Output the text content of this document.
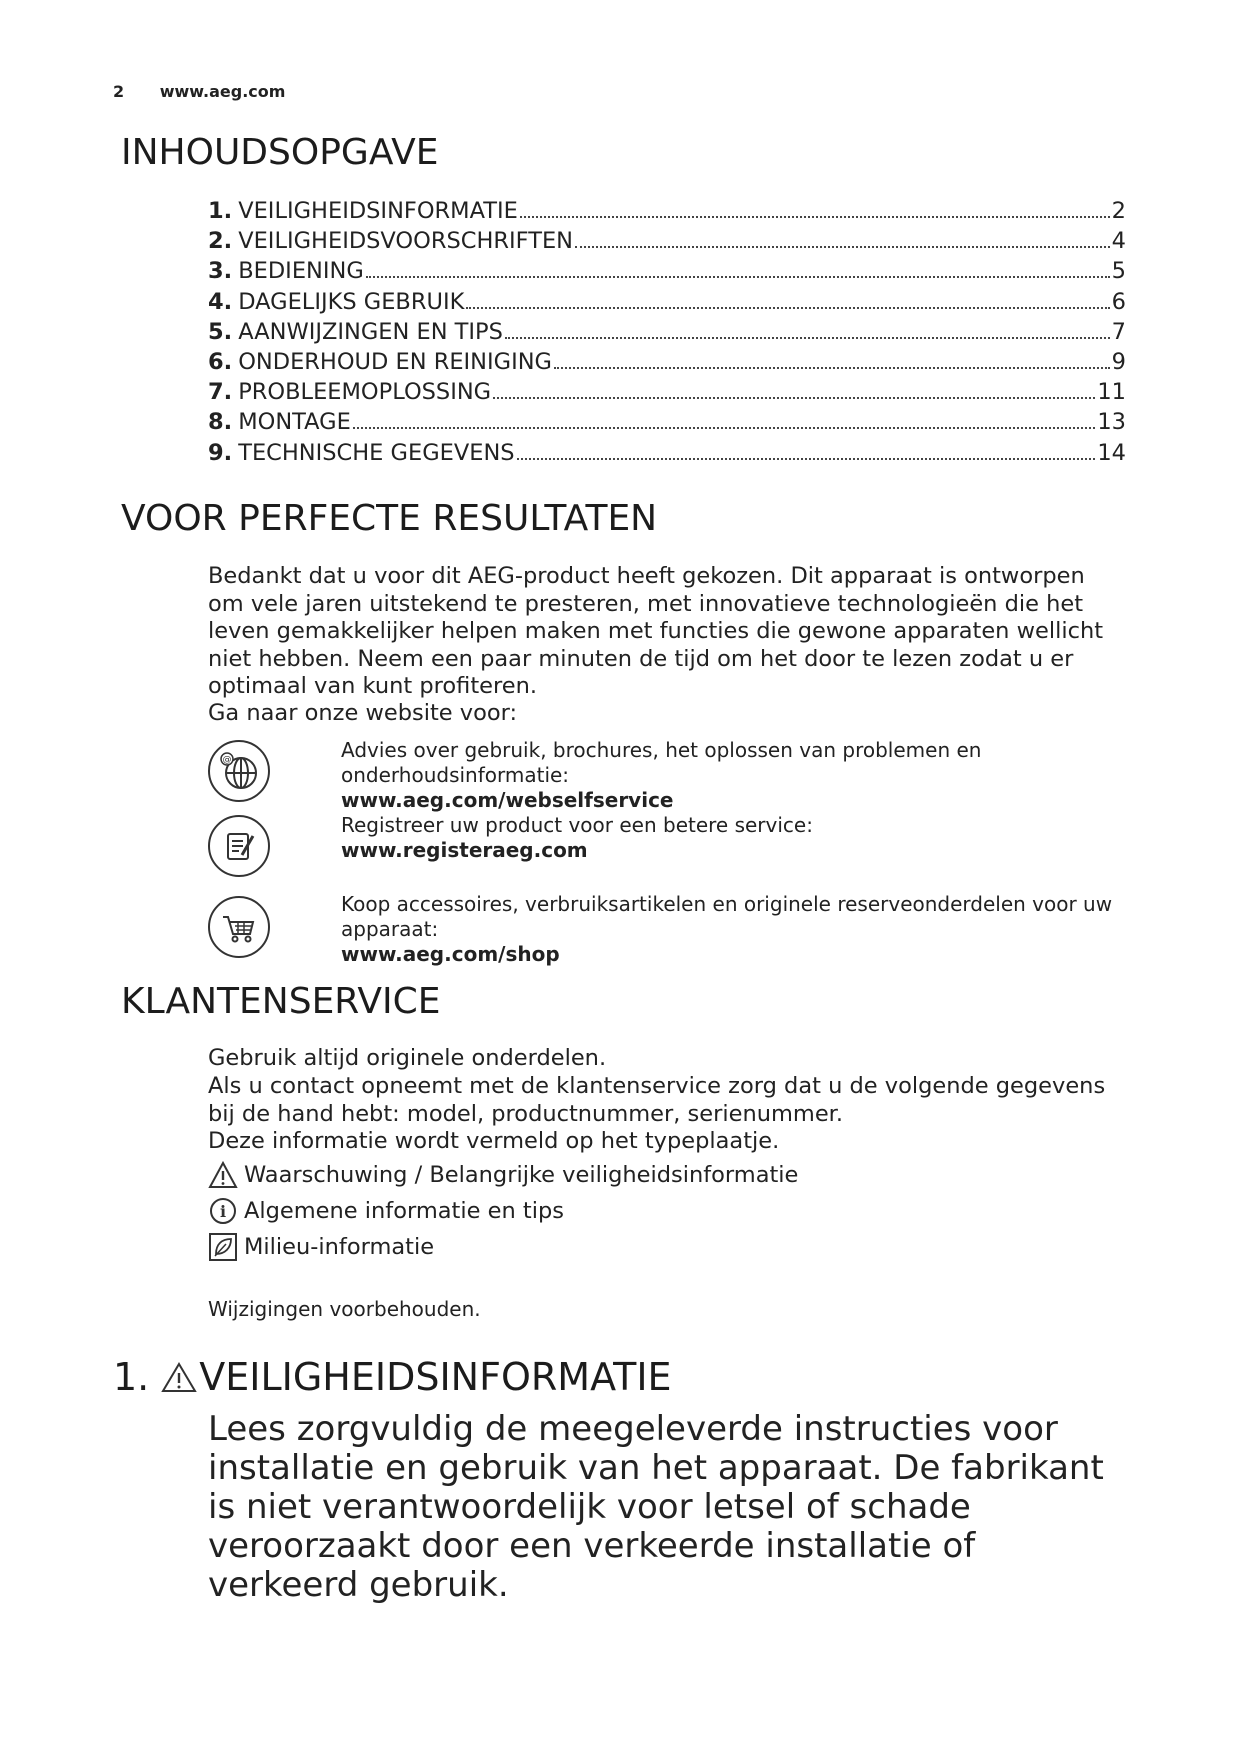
2 www.aeg.com
INHOUDSOPGAVE
1. VEILIGHEIDSINFORMATIE	2
2. VEILIGHEIDSVOORSCHRIFTEN	4
3. BEDIENING	5
4. DAGELIJKS GEBRUIK	6
5. AANWIJZINGEN EN TIPS	7
6. ONDERHOUD EN REINIGING	9
7. PROBLEEMOPLOSSING	11
8. MONTAGE	13
9. TECHNISCHE GEGEVENS	14
VOOR PERFECTE RESULTATEN

Bedankt dat u voor dit AEG-product heeft gekozen. Dit apparaat is ontworpen om vele jaren uitstekend te presteren, met innovatieve technologieën die het leven gemakkelijker helpen maken met functies die gewone apparaten wellicht niet hebben. Neem een paar minuten de tijd om het door te lezen zodat u er optimaal van kunt profiteren.

Ga naar onze website voor:

@	Advies over gebruik, brochures, het oplossen van problemen en onderhoudsinformatie:
www.aeg.com/webselfservice
Registreer uw product voor een betere service:
www.registeraeg.com
Koop accessoires, verbruiksartikelen en originele reserveonderdelen voor uw apparaat:
www.aeg.com/shop
KLANTENSERVICE

Gebruik altijd originele onderdelen.

Als u contact opneemt met de klantenservice zorg dat u de volgende gegevens bij de hand hebt: model, productnummer, serienummer.

Deze informatie wordt vermeld op het typeplaatje.

Waarschuwing / Belangrijke veiligheidsinformatie
i Algemene informatie en tips
Milieu-informatie

Wijzigingen voorbehouden.

1. VEILIGHEIDSINFORMATIE

Lees zorgvuldig de meegeleverde instructies voor installatie en gebruik van het apparaat. De fabrikant is niet verantwoordelijk voor letsel of schade veroorzaakt door een verkeerde installatie of verkeerd gebruik.
